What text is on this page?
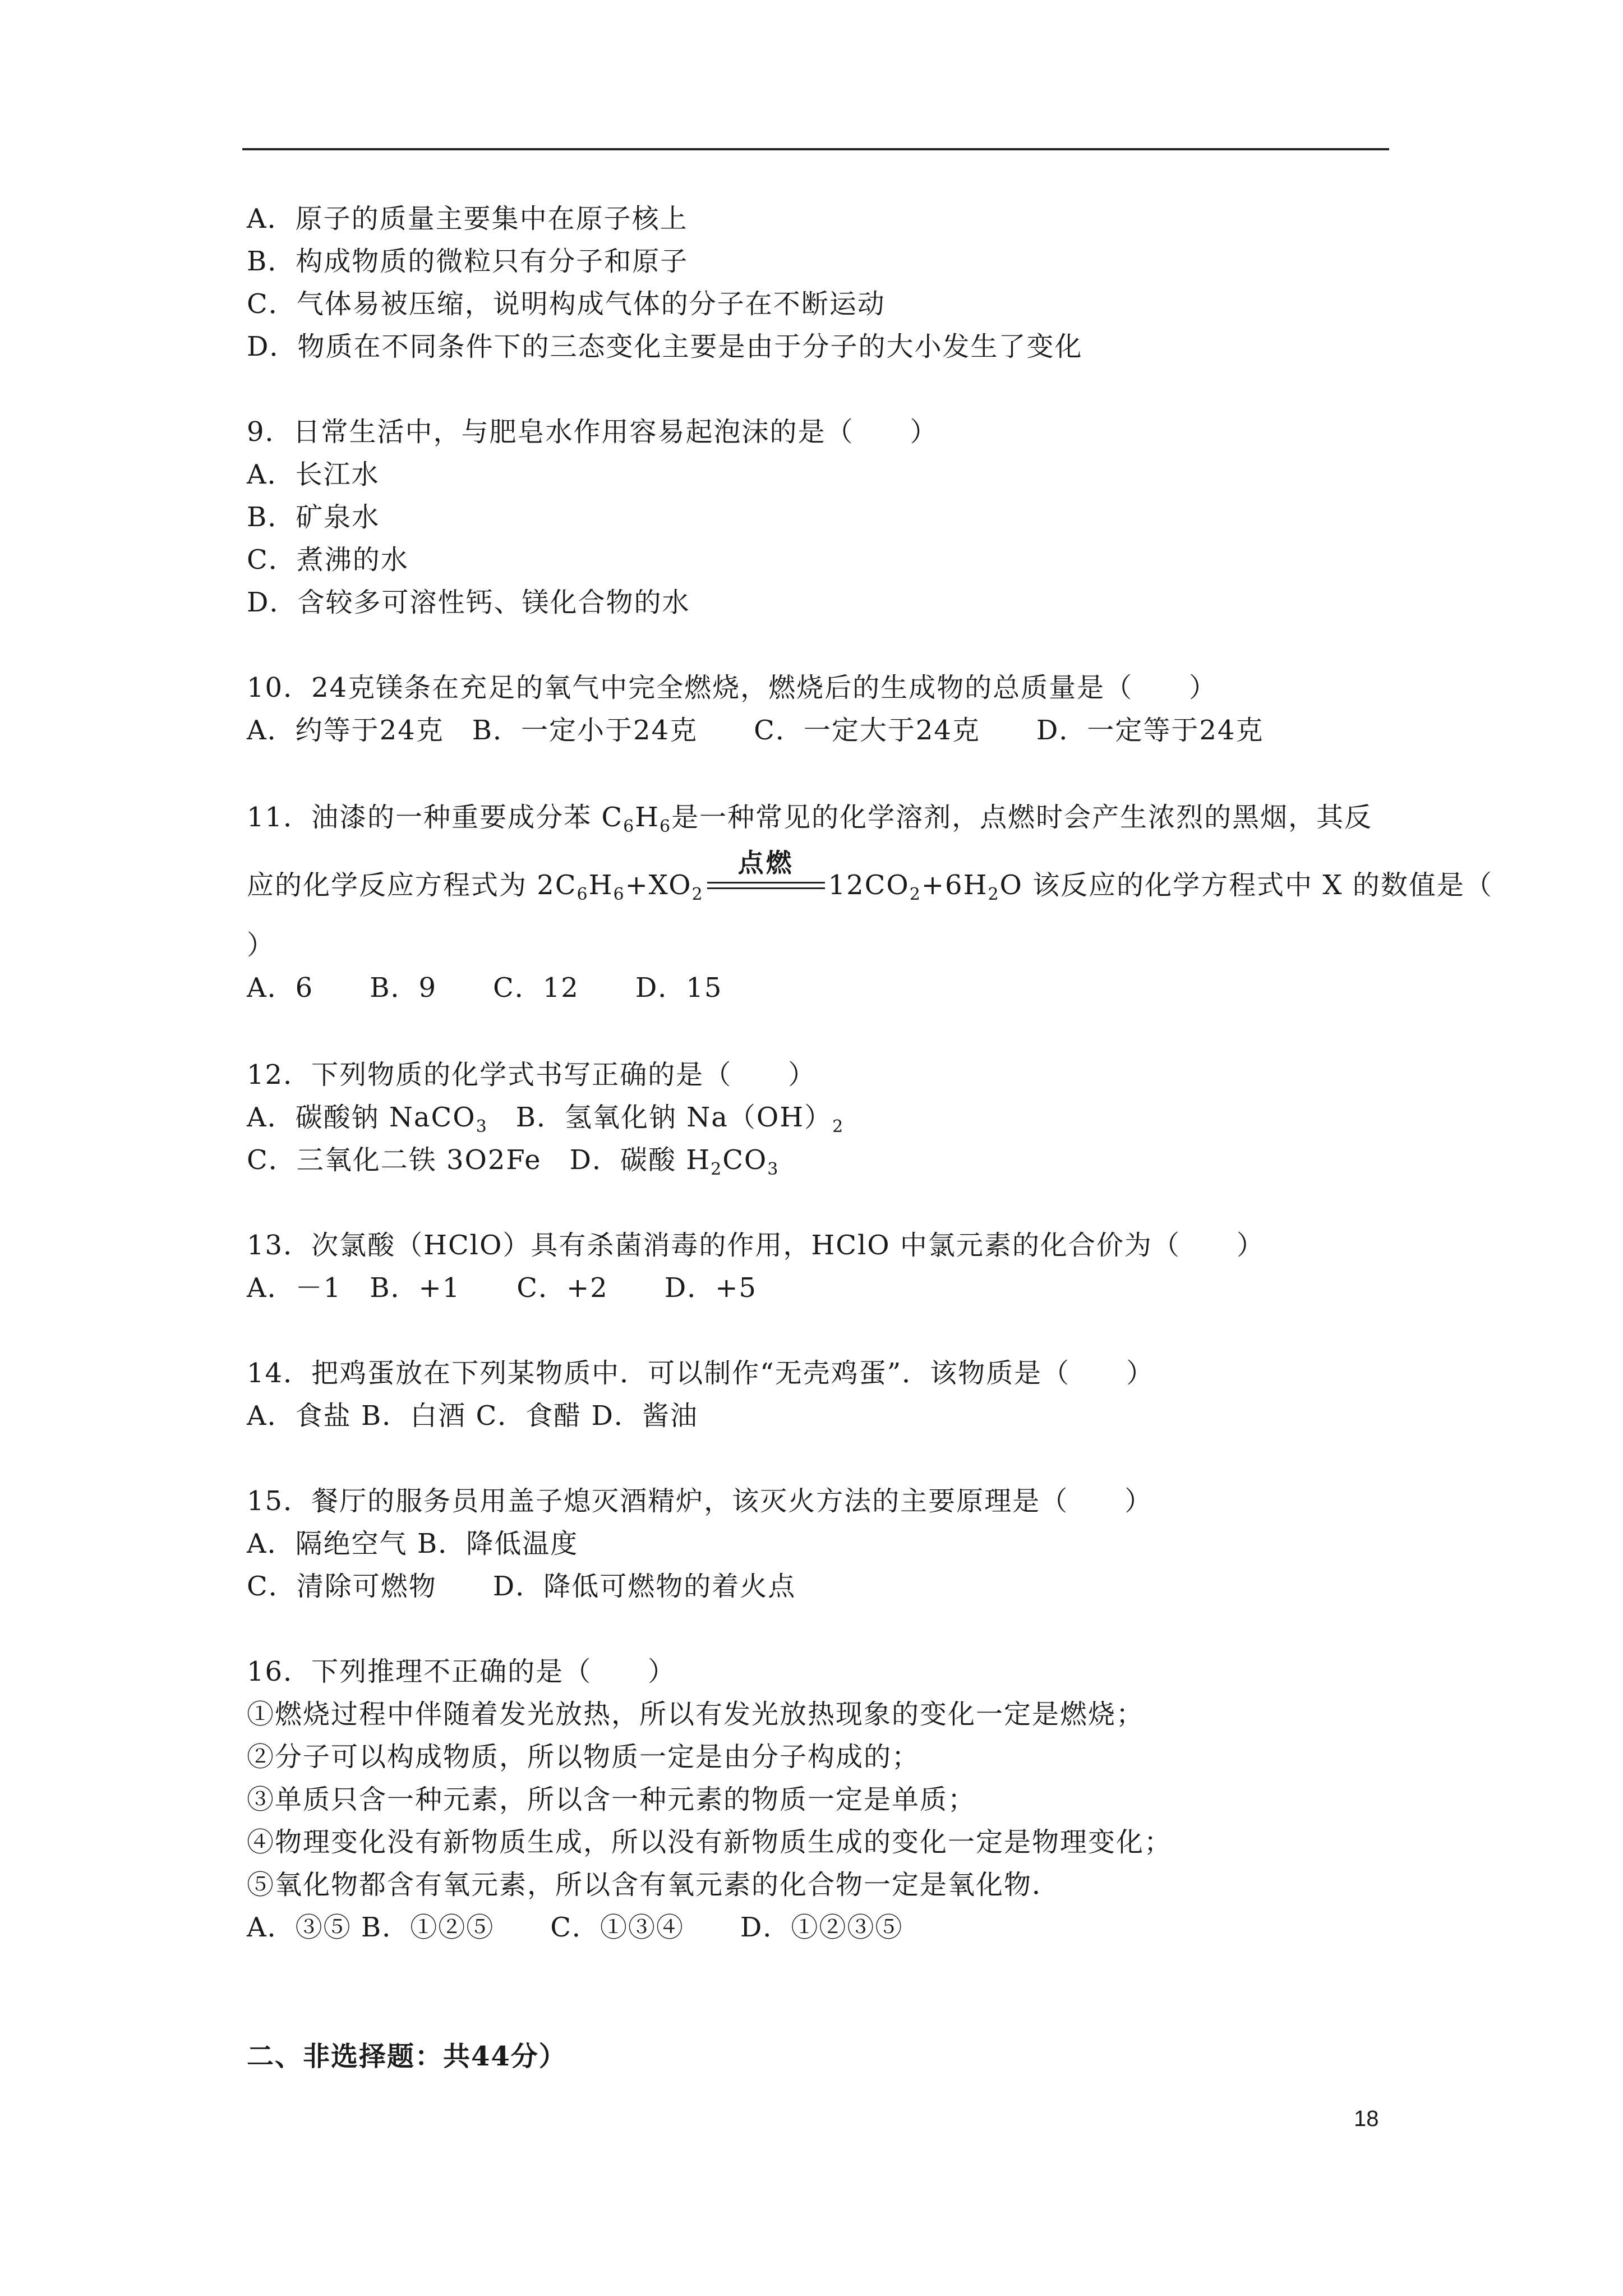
A．原子的质量主要集中在原子核上
B．构成物质的微粒只有分子和原子
C．气体易被压缩，说明构成气体的分子在不断运动
D．物质在不同条件下的三态变化主要是由于分子的大小发生了变化
9．日常生活中，与肥皂水作用容易起泡沫的是（　　）
A．长江水
B．矿泉水
C．煮沸的水
D．含较多可溶性钙、镁化合物的水
10．24克镁条在充足的氧气中完全燃烧，燃烧后的生成物的总质量是（　　）
A．约等于24克　B．一定小于24克　　C．一定大于24克　　D．一定等于24克
11．油漆的一种重要成分苯 $C_6H_6$是一种常见的化学溶剂，点燃时会产生浓烈的黑烟，其反
应的化学反应方程式为 $2C_6H_6+XO_2$
点燃
$12CO_2+6H_2O$ 该反应的化学方程式中 X 的数值是（
）
A．6　　B．9　　C．12　　D．15
12．下列物质的化学式书写正确的是（　　）
A．碳酸钠 NaCO$_3$　B．氢氧化钠 $Na(OH)_2$
C．三氧化二铁 3O2Fe　D．碳酸 $H_2CO_3$
13．次氯酸（HClO）具有杀菌消毒的作用，HClO 中氯元素的化合价为（　　）
A．－1　B．+1　　C．+2　　D．+5
14．把鸡蛋放在下列某物质中．可以制作“无壳鸡蛋”．该物质是（　　）
A．食盐 B．白酒 C．食醋 D．酱油
15．餐厅的服务员用盖子熄灭酒精炉，该灭火方法的主要原理是（　　）
A．隔绝空气 B．降低温度
C．清除可燃物　　D．降低可燃物的着火点
16．下列推理不正确的是（　　）
①燃烧过程中伴随着发光放热，所以有发光放热现象的变化一定是燃烧；
②分子可以构成物质，所以物质一定是由分子构成的；
③单质只含一种元素，所以含一种元素的物质一定是单质；
④物理变化没有新物质生成，所以没有新物质生成的变化一定是物理变化；
⑤氧化物都含有氧元素，所以含有氧元素的化合物一定是氧化物．
A．③⑤ B．①②⑤　　C．①③④　　D．①②③⑤
二、非选择题：共44分）
18
